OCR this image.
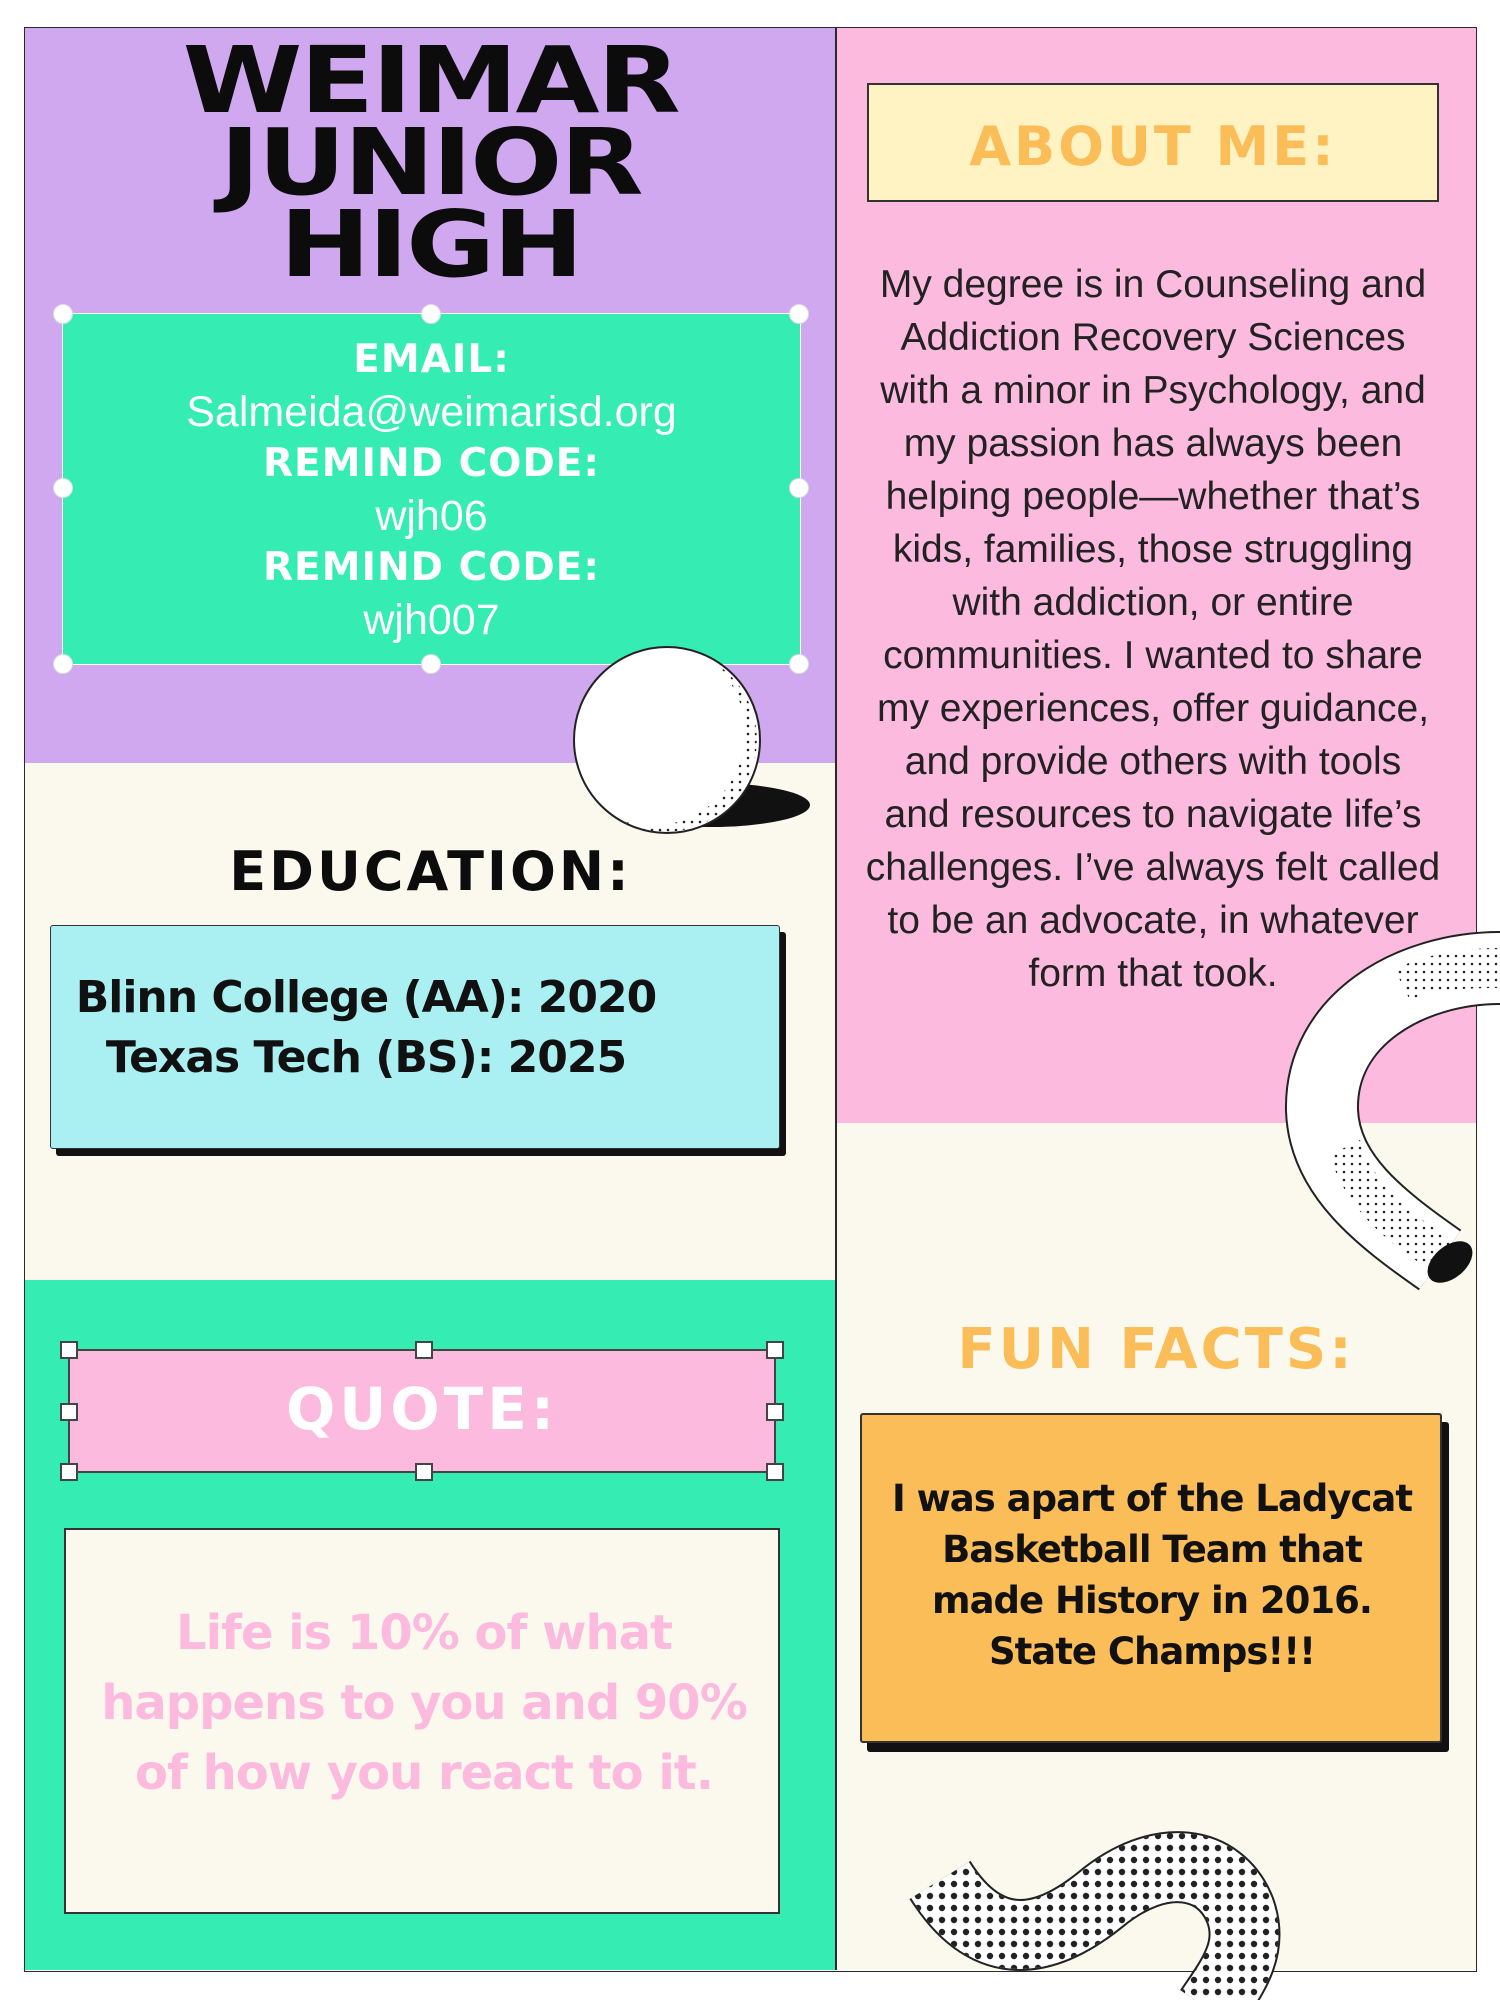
WEIMAR
JUNIOR
HIGH
EMAIL:
Salmeida@weimarisd.org
REMIND CODE:
wjh06
REMIND CODE:
wjh007
EDUCATION:
Blinn College (AA): 2020
Texas Tech (BS): 2025
QUOTE:
Life is 10% of what
happens to you and 90%
of how you react to it.
ABOUT ME:
My degree is in Counseling and
Addiction Recovery Sciences
with a minor in Psychology, and
my passion has always been
helping people—whether that’s
kids, families, those struggling
with addiction, or entire
communities. I wanted to share
my experiences, offer guidance,
and provide others with tools
and resources to navigate life’s
challenges. I’ve always felt called
to be an advocate, in whatever
form that took.
FUN FACTS:
I was apart of the Ladycat
Basketball Team that
made History in 2016.
State Champs!!!
